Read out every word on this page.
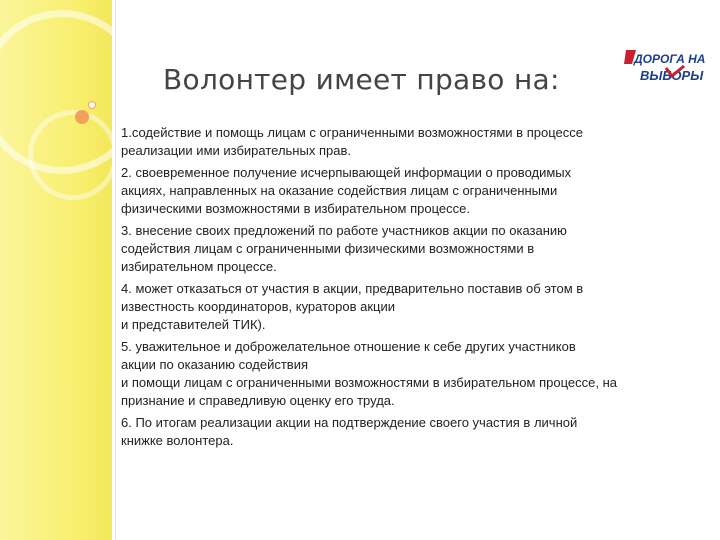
Волонтер имеет право на:
ДОРОГА НА
ВЫБОРЫ
1.содействие и помощь лицам с ограниченными возможностями в процессе
реализации ими избирательных прав.
2. своевременное получение исчерпывающей информации о проводимых
акциях, направленных на оказание содействия лицам с ограниченными
физическими возможностями в избирательном процессе.
3. внесение своих предложений по работе участников акции по оказанию
содействия лицам с ограниченными физическими возможностями в
избирательном процессе.
4. может отказаться от участия в акции, предварительно поставив об этом в
известность координаторов, кураторов акции
и представителей ТИК).
5. уважительное и доброжелательное отношение к себе других участников
акции по оказанию содействия
и помощи лицам с ограниченными возможностями в избирательном процессе, на
признание и справедливую оценку его труда.
6. По итогам реализации акции на подтверждение своего участия в личной
книжке волонтера.
